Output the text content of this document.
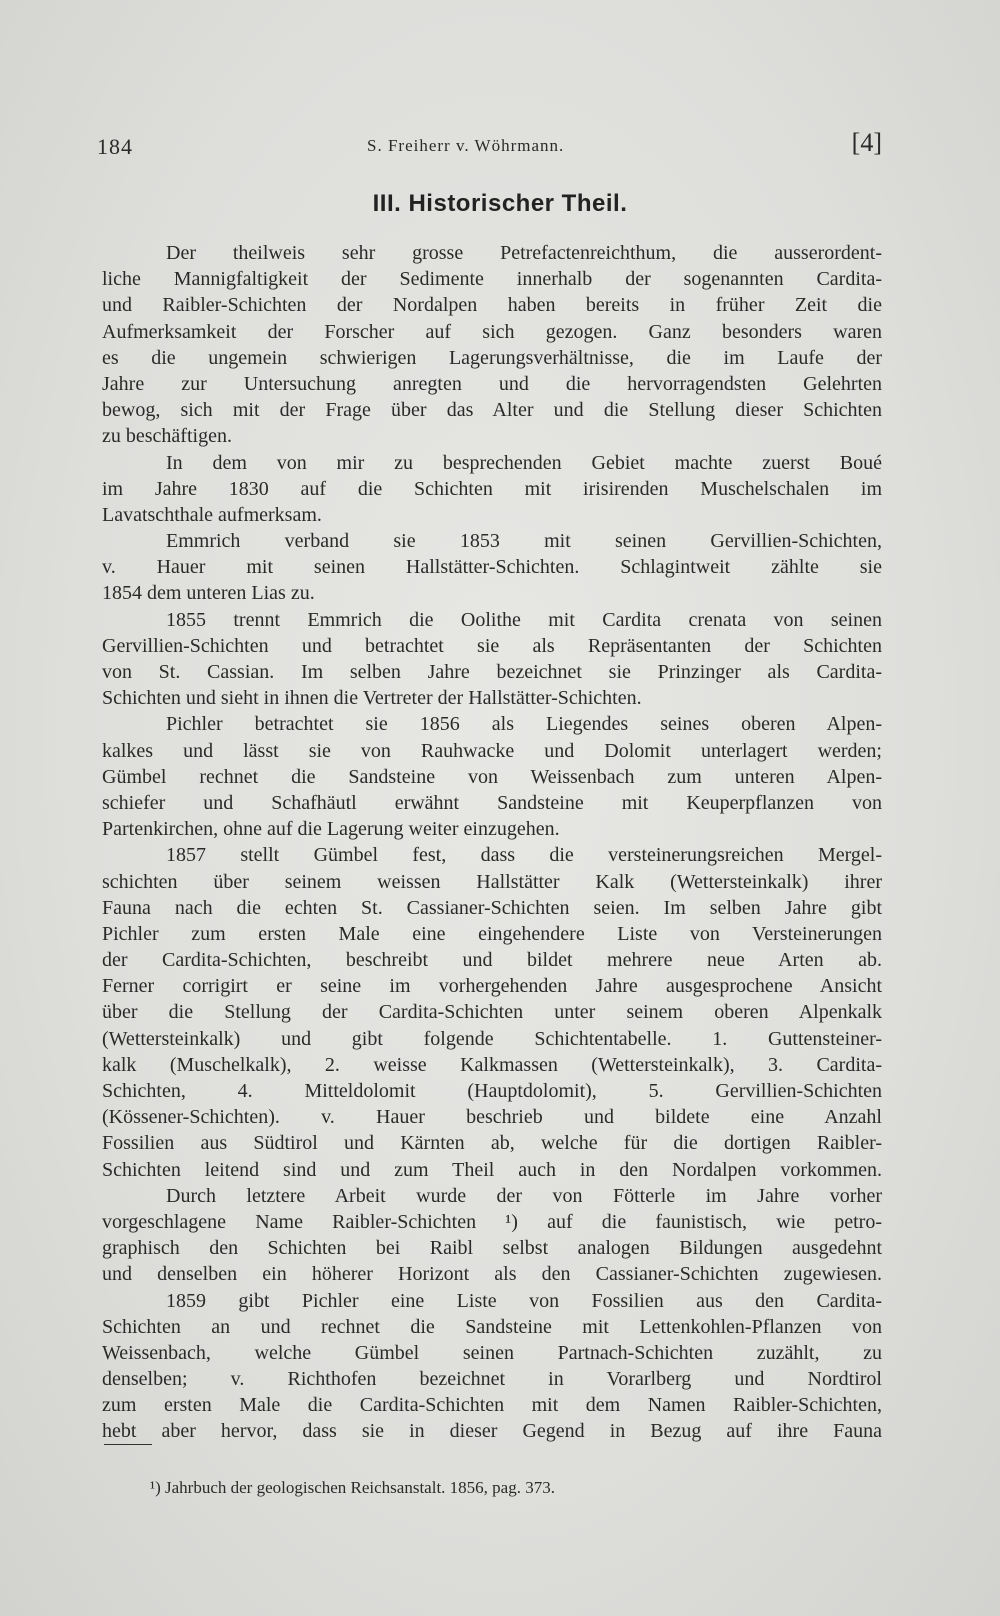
184	S. Freiherr v. Wöhrmann.	[4]
III. Historischer Theil.
Der theilweis sehr grosse Petrefactenreichthum, die ausserordent-
liche Mannigfaltigkeit der Sedimente innerhalb der sogenannten Cardita-
und Raibler-Schichten der Nordalpen haben bereits in früher Zeit die
Aufmerksamkeit der Forscher auf sich gezogen. Ganz besonders waren
es die ungemein schwierigen Lagerungsverhältnisse, die im Laufe der
Jahre zur Untersuchung anregten und die hervorragendsten Gelehrten
bewog, sich mit der Frage über das Alter und die Stellung dieser Schichten
zu beschäftigen.
In dem von mir zu besprechenden Gebiet machte zuerst Boué
im Jahre 1830 auf die Schichten mit irisirenden Muschelschalen im
Lavatschthale aufmerksam.
Emmrich verband sie 1853 mit seinen Gervillien-Schichten,
v. Hauer mit seinen Hallstätter-Schichten. Schlagintweit zählte sie
1854 dem unteren Lias zu.
1855 trennt Emmrich die Oolithe mit Cardita crenata von seinen
Gervillien-Schichten und betrachtet sie als Repräsentanten der Schichten
von St. Cassian. Im selben Jahre bezeichnet sie Prinzinger als Cardita-
Schichten und sieht in ihnen die Vertreter der Hallstätter-Schichten.
Pichler betrachtet sie 1856 als Liegendes seines oberen Alpen-
kalkes und lässt sie von Rauhwacke und Dolomit unterlagert werden;
Gümbel rechnet die Sandsteine von Weissenbach zum unteren Alpen-
schiefer und Schafhäutl erwähnt Sandsteine mit Keuperpflanzen von
Partenkirchen, ohne auf die Lagerung weiter einzugehen.
1857 stellt Gümbel fest, dass die versteinerungsreichen Mergel-
schichten über seinem weissen Hallstätter Kalk (Wettersteinkalk) ihrer
Fauna nach die echten St. Cassianer-Schichten seien. Im selben Jahre gibt
Pichler zum ersten Male eine eingehendere Liste von Versteinerungen
der Cardita-Schichten, beschreibt und bildet mehrere neue Arten ab.
Ferner corrigirt er seine im vorhergehenden Jahre ausgesprochene Ansicht
über die Stellung der Cardita-Schichten unter seinem oberen Alpenkalk
(Wettersteinkalk) und gibt folgende Schichtentabelle. 1. Guttensteiner-
kalk (Muschelkalk), 2. weisse Kalkmassen (Wettersteinkalk), 3. Cardita-
Schichten, 4. Mitteldolomit (Hauptdolomit), 5. Gervillien-Schichten
(Kössener-Schichten). v. Hauer beschrieb und bildete eine Anzahl
Fossilien aus Südtirol und Kärnten ab, welche für die dortigen Raibler-
Schichten leitend sind und zum Theil auch in den Nordalpen vorkommen.
Durch letztere Arbeit wurde der von Fötterle im Jahre vorher
vorgeschlagene Name Raibler-Schichten ¹) auf die faunistisch, wie petro-
graphisch den Schichten bei Raibl selbst analogen Bildungen ausgedehnt
und denselben ein höherer Horizont als den Cassianer-Schichten zugewiesen.
1859 gibt Pichler eine Liste von Fossilien aus den Cardita-
Schichten an und rechnet die Sandsteine mit Lettenkohlen-Pflanzen von
Weissenbach, welche Gümbel seinen Partnach-Schichten zuzählt, zu
denselben; v. Richthofen bezeichnet in Vorarlberg und Nordtirol
zum ersten Male die Cardita-Schichten mit dem Namen Raibler-Schichten,
hebt aber hervor, dass sie in dieser Gegend in Bezug auf ihre Fauna
¹) Jahrbuch der geologischen Reichsanstalt. 1856, pag. 373.
